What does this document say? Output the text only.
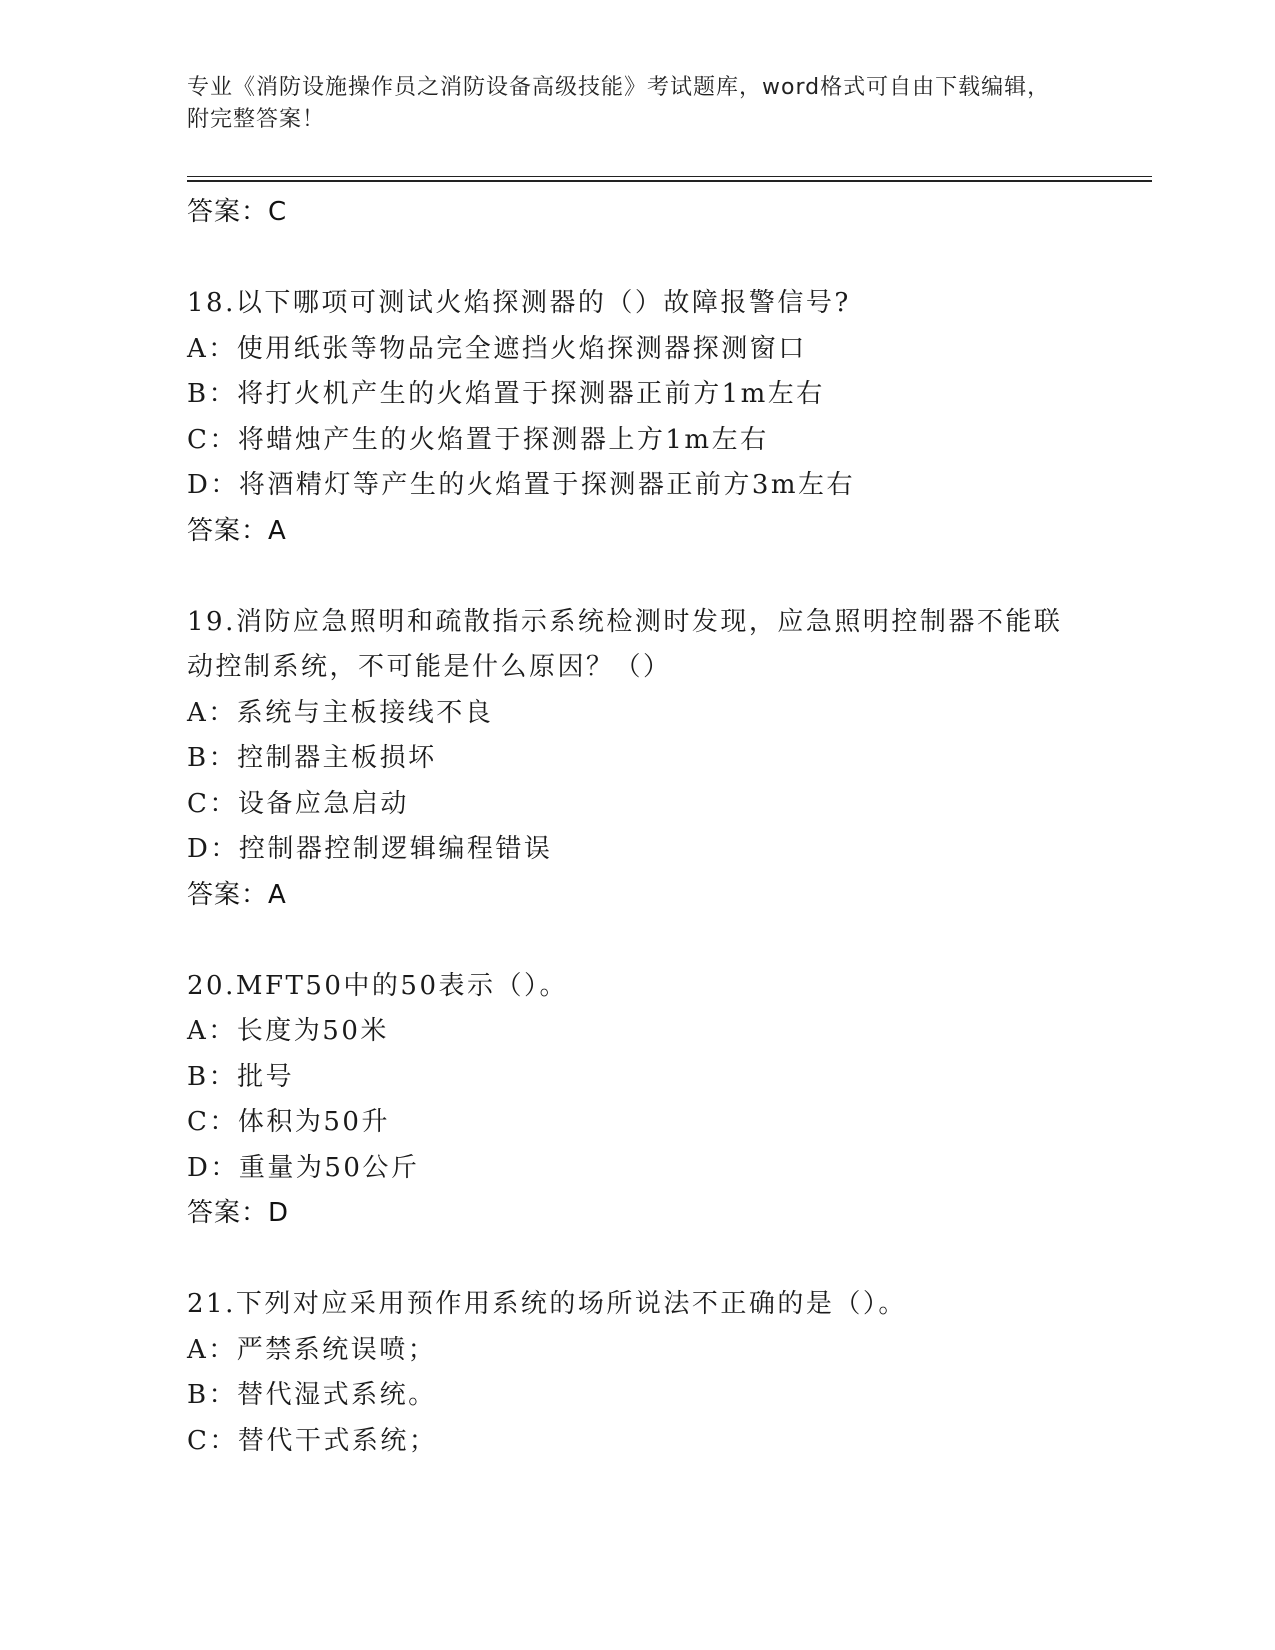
专业《消防设施操作员之消防设备高级技能》考试题库，word格式可自由下载编辑，附完整答案！
答案：C
18.以下哪项可测试火焰探测器的（）故障报警信号?
A：使用纸张等物品完全遮挡火焰探测器探测窗口
B：将打火机产生的火焰置于探测器正前方1m左右
C：将蜡烛产生的火焰置于探测器上方1m左右
D：将酒精灯等产生的火焰置于探测器正前方3m左右
答案：A
19.消防应急照明和疏散指示系统检测时发现，应急照明控制器不能联动控制系统，不可能是什么原因？（）
A：系统与主板接线不良
B：控制器主板损坏
C：设备应急启动
D：控制器控制逻辑编程错误
答案：A
20.MFT50中的50表示（）。
A：长度为50米
B：批号
C：体积为50升
D：重量为50公斤
答案：D
21.下列对应采用预作用系统的场所说法不正确的是（）。
A：严禁系统误喷；
B：替代湿式系统。
C：替代干式系统；
